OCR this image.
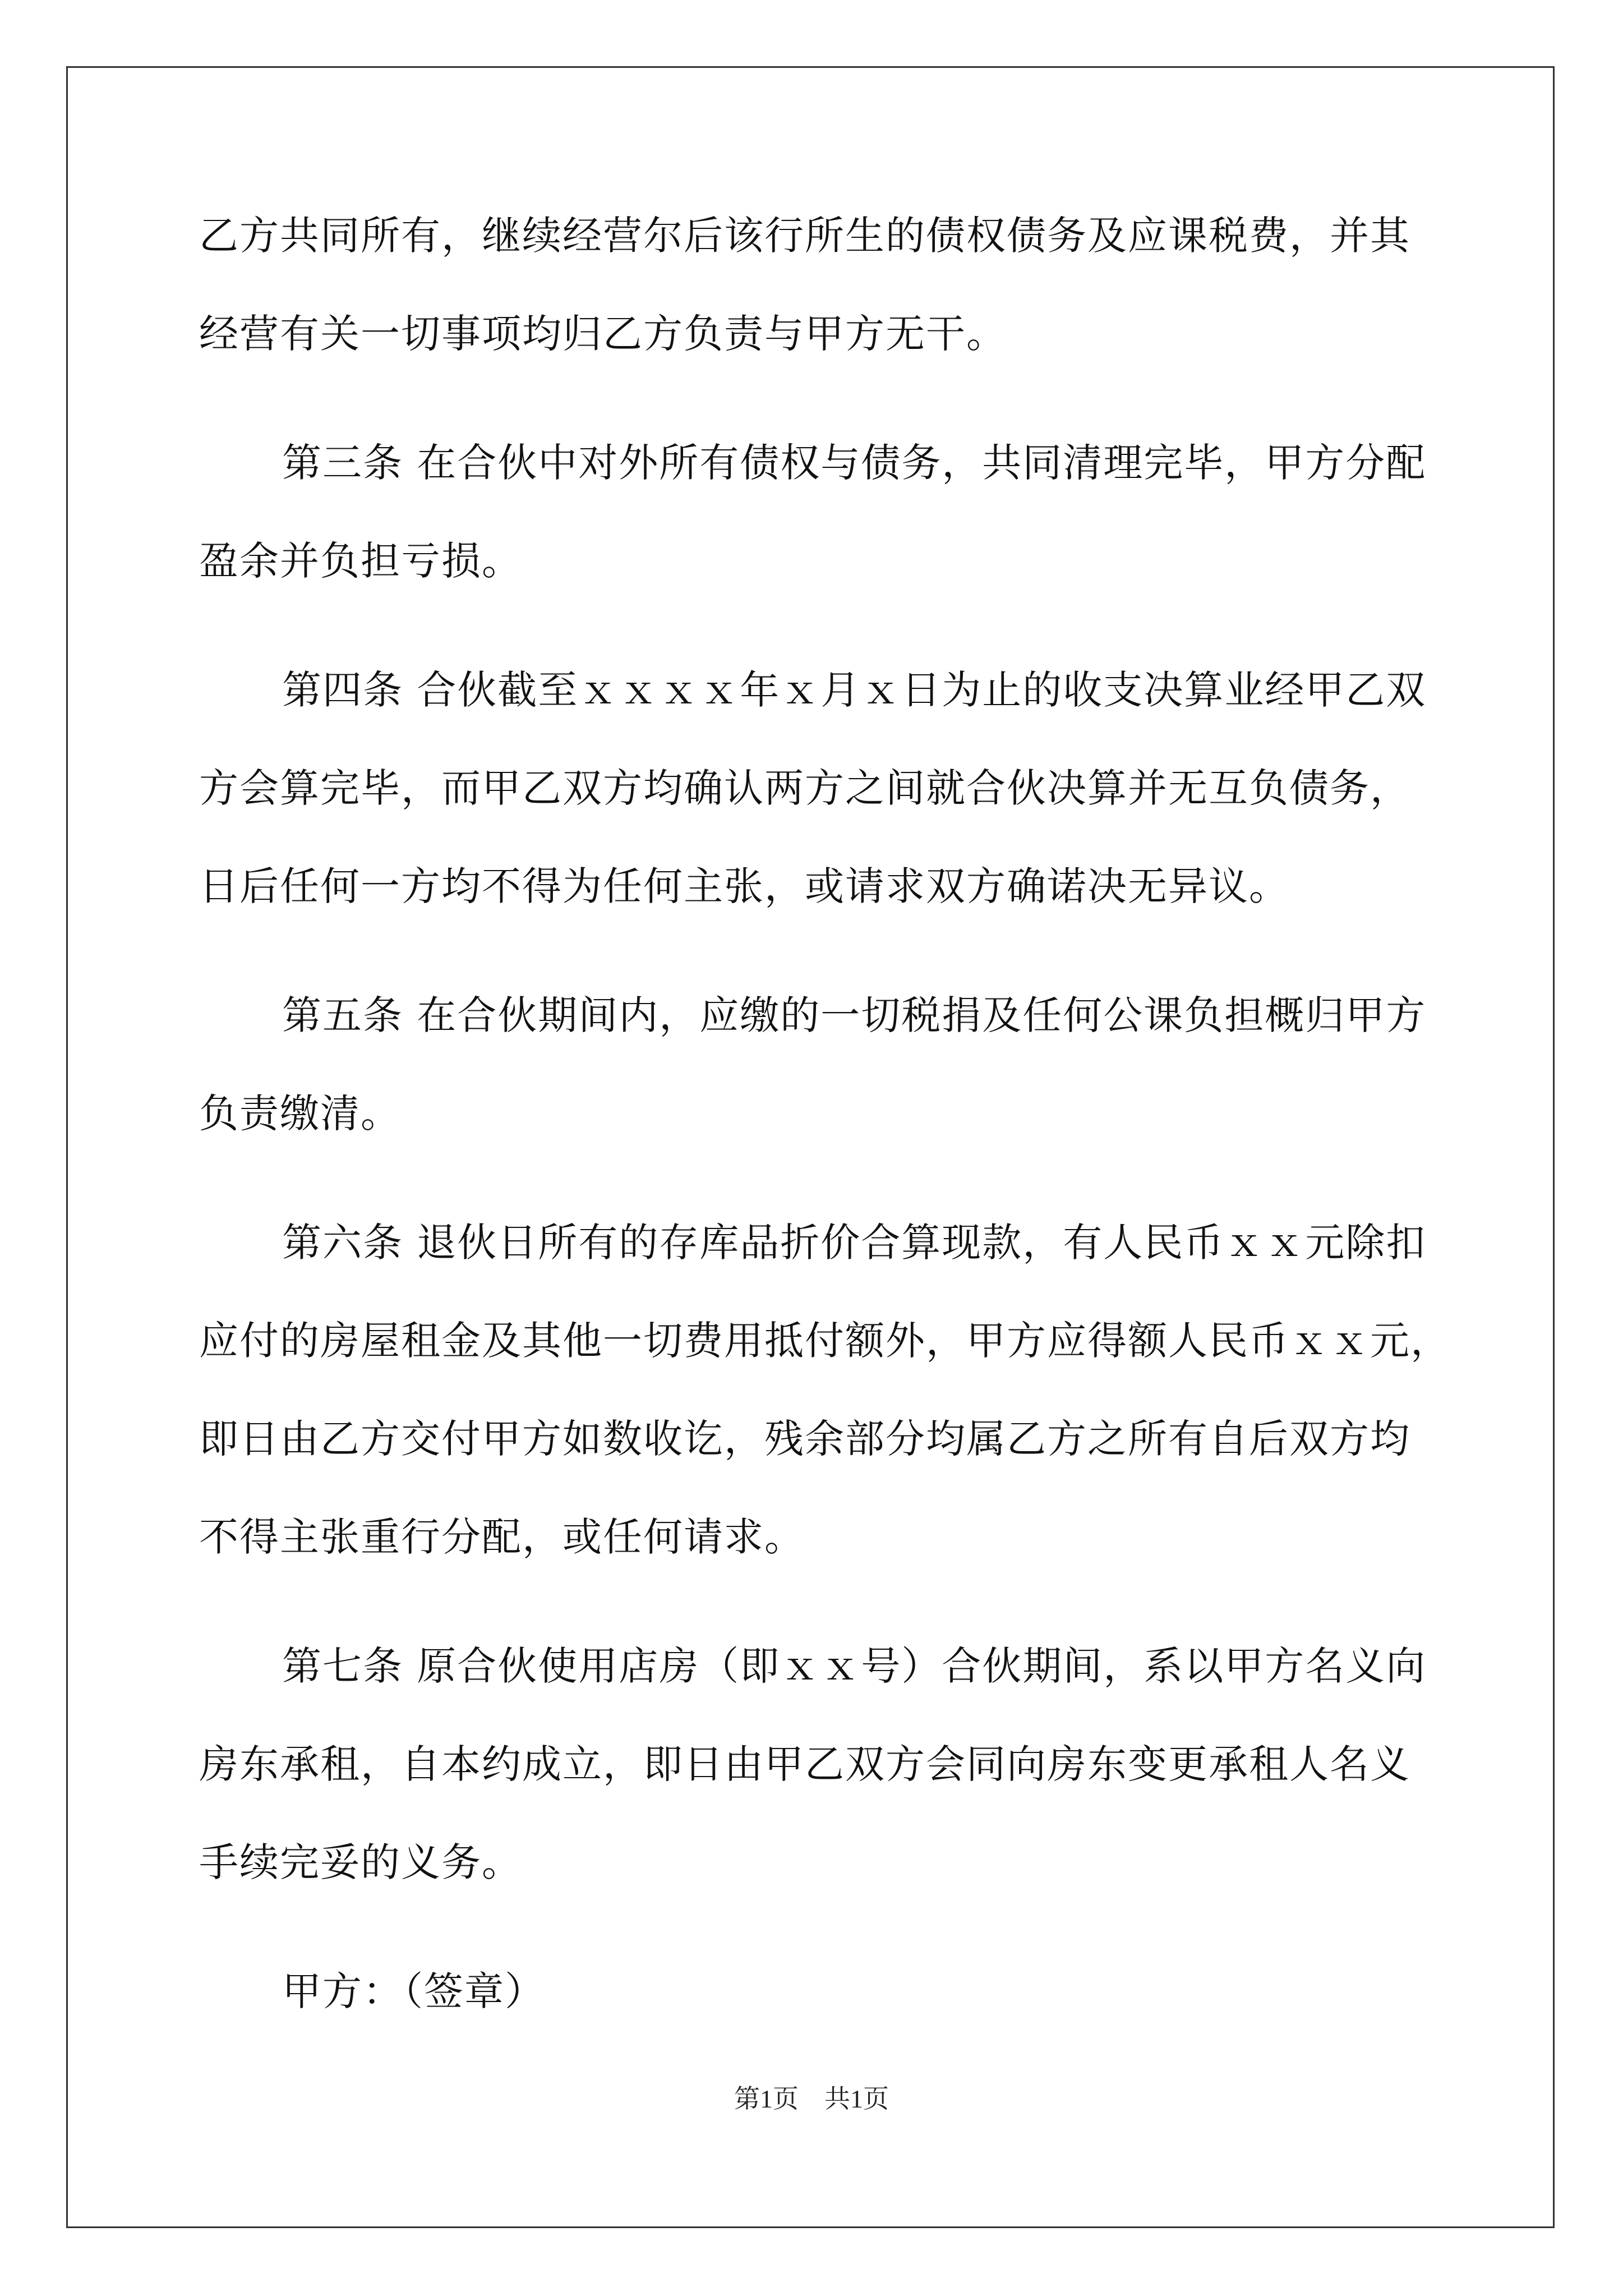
乙方共同所有，继续经营尔后该行所生的债权债务及应课税费，并其
经营有关一切事项均归乙方负责与甲方无干。
第三条 在合伙中对外所有债权与债务，共同清理完毕，甲方分配
盈余并负担亏损。
第四条 合伙截至ｘｘｘｘ年ｘ月ｘ日为止的收支决算业经甲乙双
方会算完毕，而甲乙双方均确认两方之间就合伙决算并无互负债务，
日后任何一方均不得为任何主张，或请求双方确诺决无异议。
第五条 在合伙期间内，应缴的一切税捐及任何公课负担概归甲方
负责缴清。
第六条 退伙日所有的存库品折价合算现款，有人民币ｘｘ元除扣
应付的房屋租金及其他一切费用抵付额外，甲方应得额人民币ｘｘ元，
即日由乙方交付甲方如数收讫，残余部分均属乙方之所有自后双方均
不得主张重行分配，或任何请求。
第七条 原合伙使用店房（即ｘｘ号）合伙期间，系以甲方名义向
房东承租，自本约成立，即日由甲乙双方会同向房东变更承租人名义
手续完妥的义务。
甲方：（签章）
第1页　共1页
